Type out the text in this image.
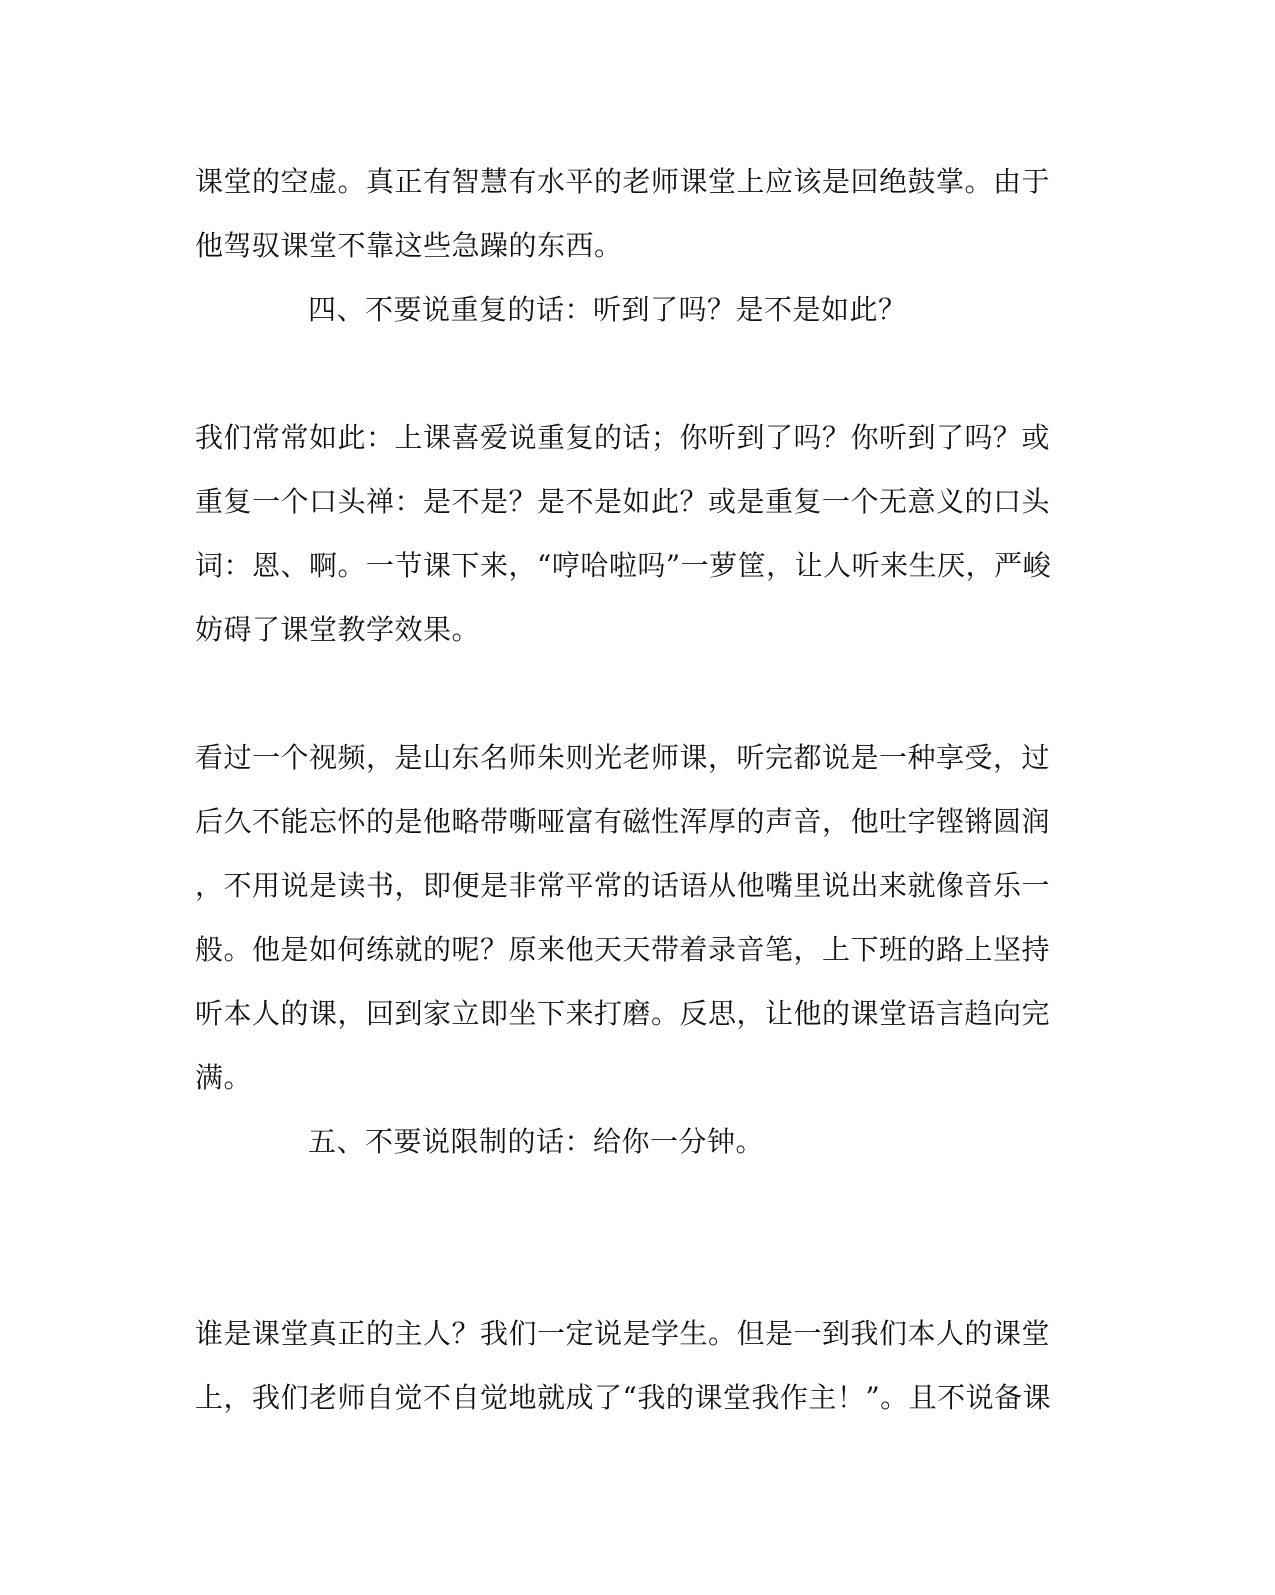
课堂的空虚。真正有智慧有水平的老师课堂上应该是回绝鼓掌。由于
他驾驭课堂不靠这些急躁的东西。
四、不要说重复的话：听到了吗？是不是如此？
我们常常如此：上课喜爱说重复的话；你听到了吗？你听到了吗？或
重复一个口头禅：是不是？是不是如此？或是重复一个无意义的口头
词：恩、啊。一节课下来，“哼哈啦吗”一萝筐，让人听来生厌，严峻
妨碍了课堂教学效果。
看过一个视频，是山东名师朱则光老师课，听完都说是一种享受，过
后久不能忘怀的是他略带嘶哑富有磁性浑厚的声音，他吐字铿锵圆润
，不用说是读书，即便是非常平常的话语从他嘴里说出来就像音乐一
般。他是如何练就的呢？原来他天天带着录音笔，上下班的路上坚持
听本人的课，回到家立即坐下来打磨。反思，让他的课堂语言趋向完
满。
五、不要说限制的话：给你一分钟。
谁是课堂真正的主人？我们一定说是学生。但是一到我们本人的课堂
上，我们老师自觉不自觉地就成了“我的课堂我作主！”。且不说备课
